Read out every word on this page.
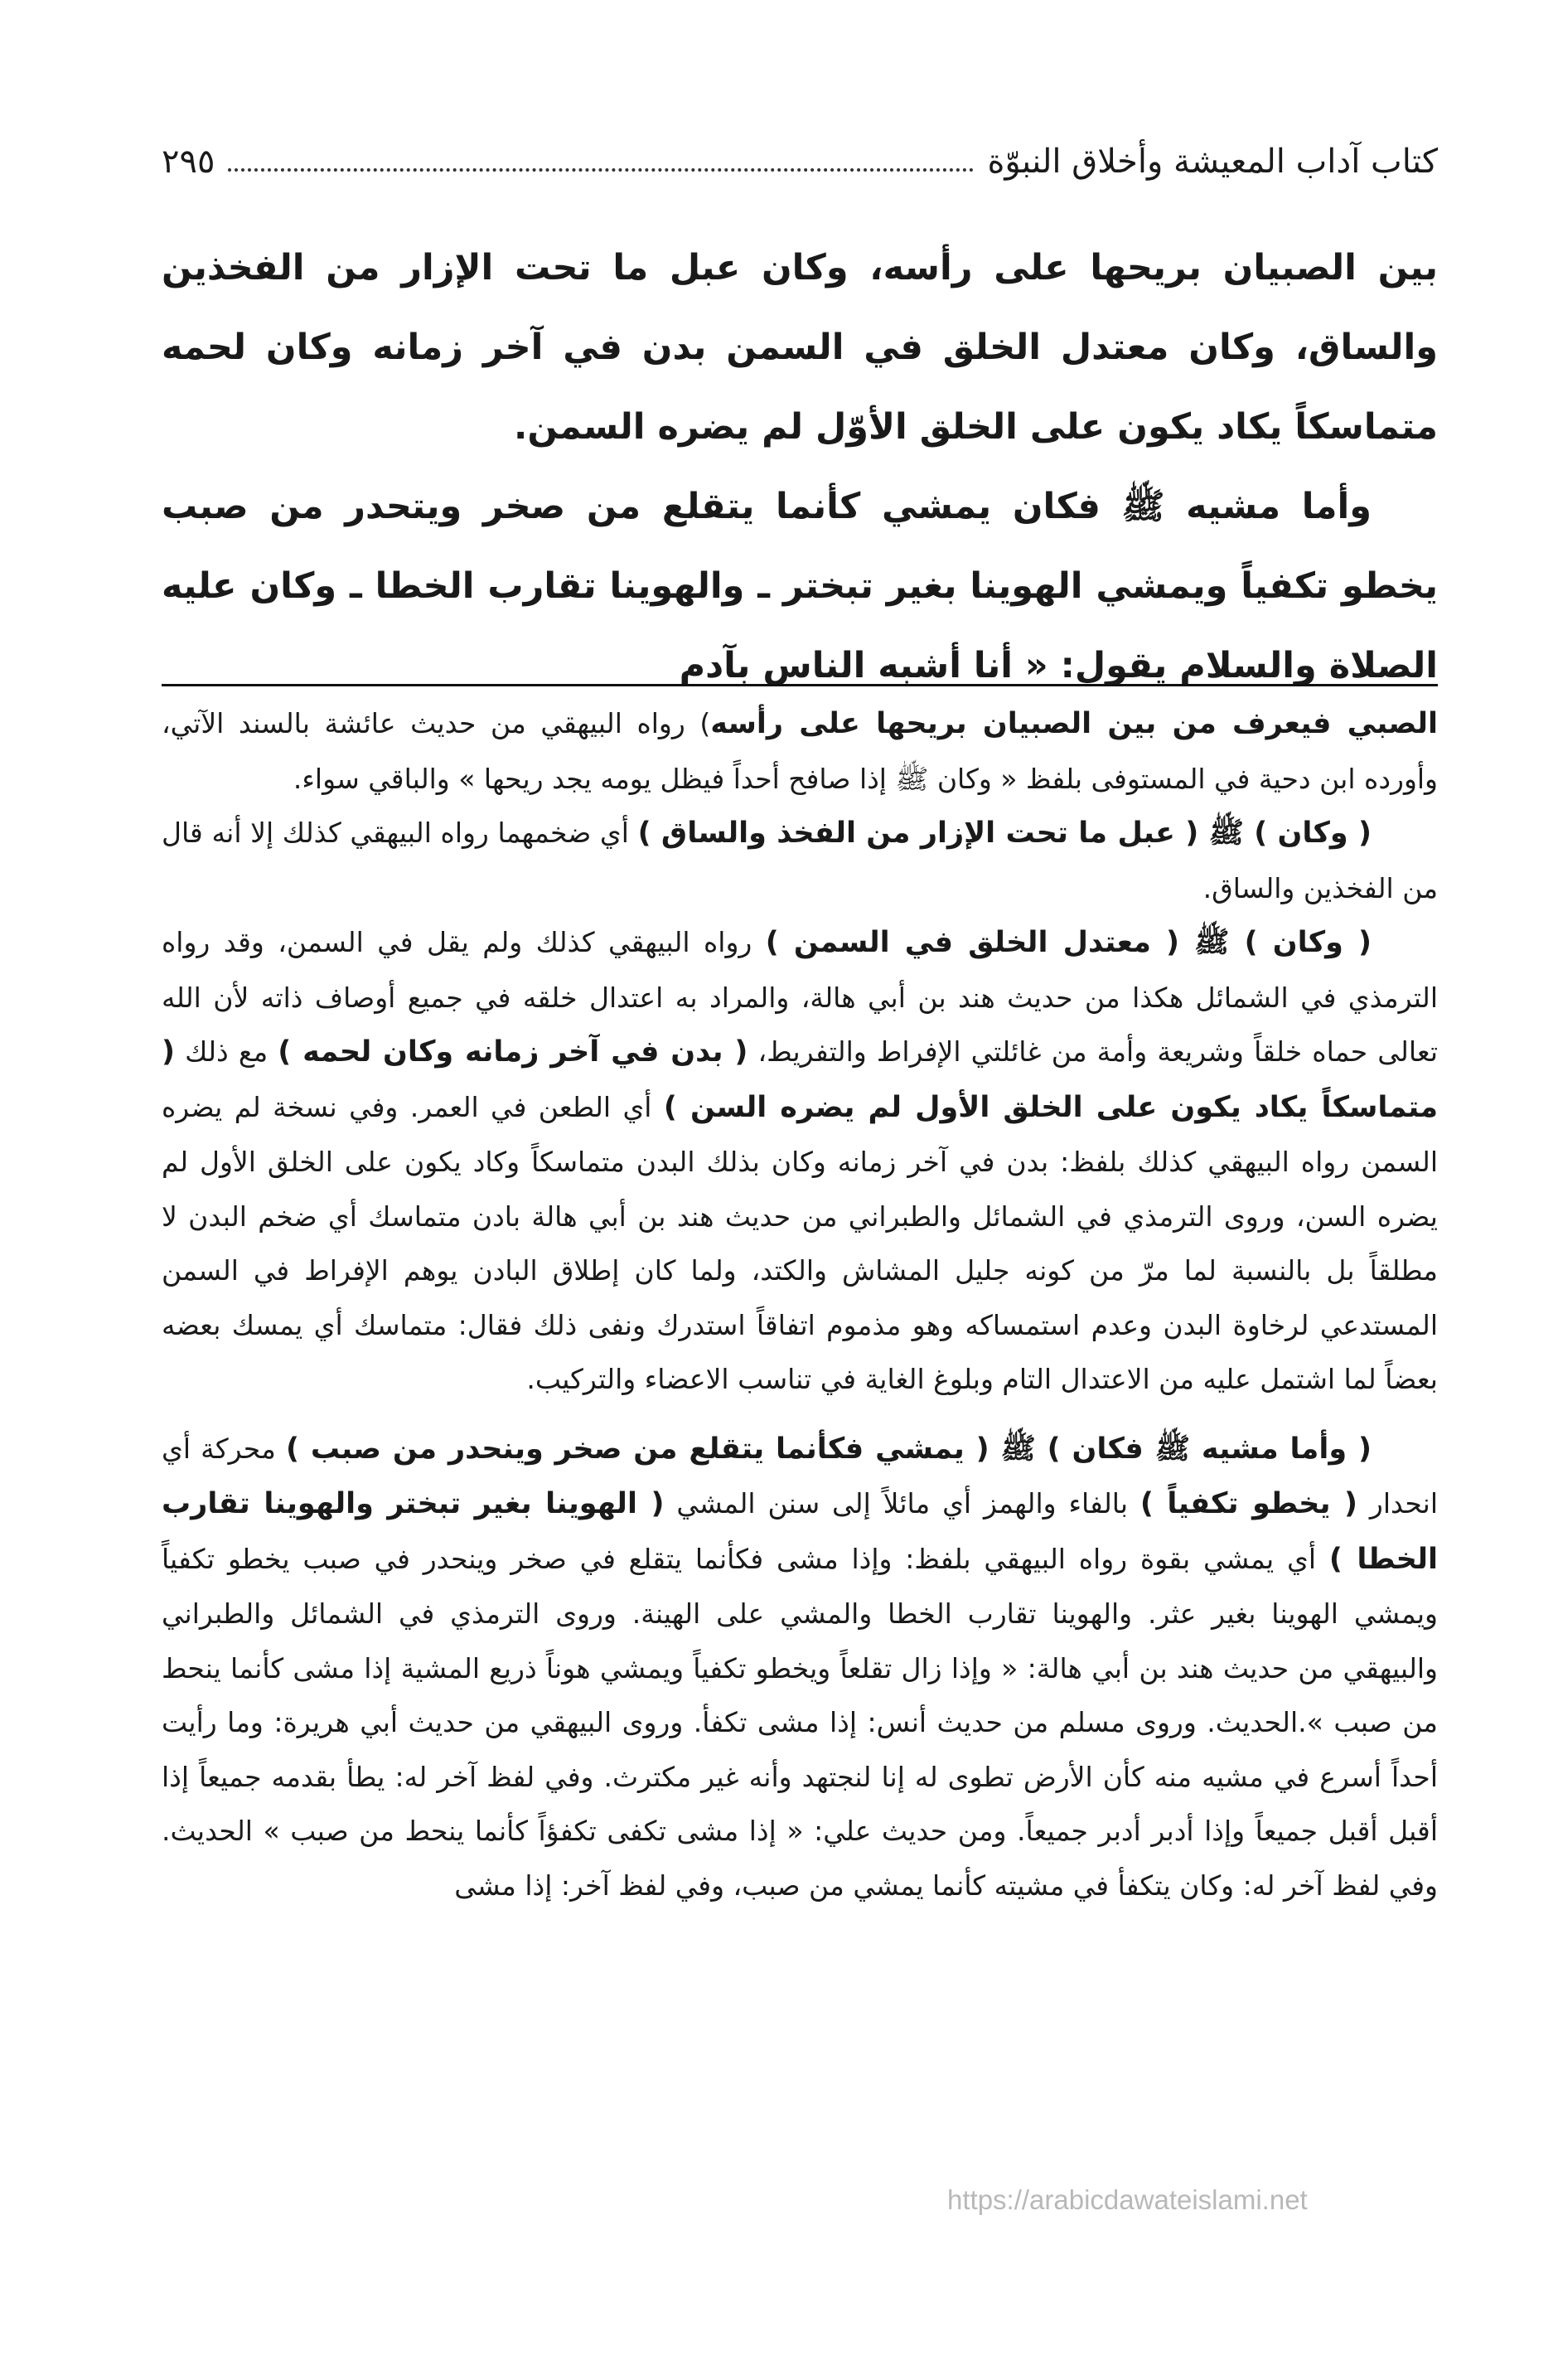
كتاب آداب المعيشة وأخلاق النبوّة
٢٩٥

بين الصبيان بريحها على رأسه، وكان عبل ما تحت الإزار من الفخذين والساق، وكان معتدل الخلق في السمن بدن في آخر زمانه وكان لحمه متماسكاً يكاد يكون على الخلق الأوّل لم يضره السمن.

وأما مشيه ﷺ فكان يمشي كأنما يتقلع من صخر ويتحدر من صبب يخطو تكفياً ويمشي الهوينا بغير تبختر ـ والهوينا تقارب الخطا ـ وكان عليه الصلاة والسلام يقول: « أنا أشبه الناس بآدم

الصبي فيعرف من بين الصبيان بريحها على رأسه) رواه البيهقي من حديث عائشة بالسند الآتي، وأورده ابن دحية في المستوفى بلفظ « وكان ﷺ إذا صافح أحداً فيظل يومه يجد ريحها » والباقي سواء.

( وكان ) ﷺ ( عبل ما تحت الإزار من الفخذ والساق ) أي ضخمهما رواه البيهقي كذلك إلا أنه قال من الفخذين والساق.

( وكان ) ﷺ ( معتدل الخلق في السمن ) رواه البيهقي كذلك ولم يقل في السمن، وقد رواه الترمذي في الشمائل هكذا من حديث هند بن أبي هالة، والمراد به اعتدال خلقه في جميع أوصاف ذاته لأن الله تعالى حماه خلقاً وشريعة وأمة من غائلتي الإفراط والتفريط، ( بدن في آخر زمانه وكان لحمه ) مع ذلك ( متماسكاً يكاد يكون على الخلق الأول لم يضره السن ) أي الطعن في العمر. وفي نسخة لم يضره السمن رواه البيهقي كذلك بلفظ: بدن في آخر زمانه وكان بذلك البدن متماسكاً وكاد يكون على الخلق الأول لم يضره السن، وروى الترمذي في الشمائل والطبراني من حديث هند بن أبي هالة بادن متماسك أي ضخم البدن لا مطلقاً بل بالنسبة لما مرّ من كونه جليل المشاش والكتد، ولما كان إطلاق البادن يوهم الإفراط في السمن المستدعي لرخاوة البدن وعدم استمساكه وهو مذموم اتفاقاً استدرك ونفى ذلك فقال: متماسك أي يمسك بعضه بعضاً لما اشتمل عليه من الاعتدال التام وبلوغ الغاية في تناسب الاعضاء والتركيب.

( وأما مشيه ﷺ فكان ) ﷺ ( يمشي فكأنما يتقلع من صخر وينحدر من صبب ) محركة أي انحدار ( يخطو تكفياً ) بالفاء والهمز أي مائلاً إلى سنن المشي ( الهوينا بغير تبختر والهوينا تقارب الخطا ) أي يمشي بقوة رواه البيهقي بلفظ: وإذا مشى فكأنما يتقلع في صخر وينحدر في صبب يخطو تكفياً ويمشي الهوينا بغير عثر. والهوينا تقارب الخطا والمشي على الهينة. وروى الترمذي في الشمائل والطبراني والبيهقي من حديث هند بن أبي هالة: « وإذا زال تقلعاً ويخطو تكفياً ويمشي هوناً ذريع المشية إذا مشى كأنما ينحط من صبب ».الحديث. وروى مسلم من حديث أنس: إذا مشى تكفأ. وروى البيهقي من حديث أبي هريرة: وما رأيت أحداً أسرع في مشيه منه كأن الأرض تطوى له إنا لنجتهد وأنه غير مكترث. وفي لفظ آخر له: يطأ بقدمه جميعاً إذا أقبل أقبل جميعاً وإذا أدبر أدبر جميعاً. ومن حديث علي: « إذا مشى تكفى تكفؤاً كأنما ينحط من صبب » الحديث. وفي لفظ آخر له: وكان يتكفأ في مشيته كأنما يمشي من صبب، وفي لفظ آخر: إذا مشى

https://arabicdawateislami.net
